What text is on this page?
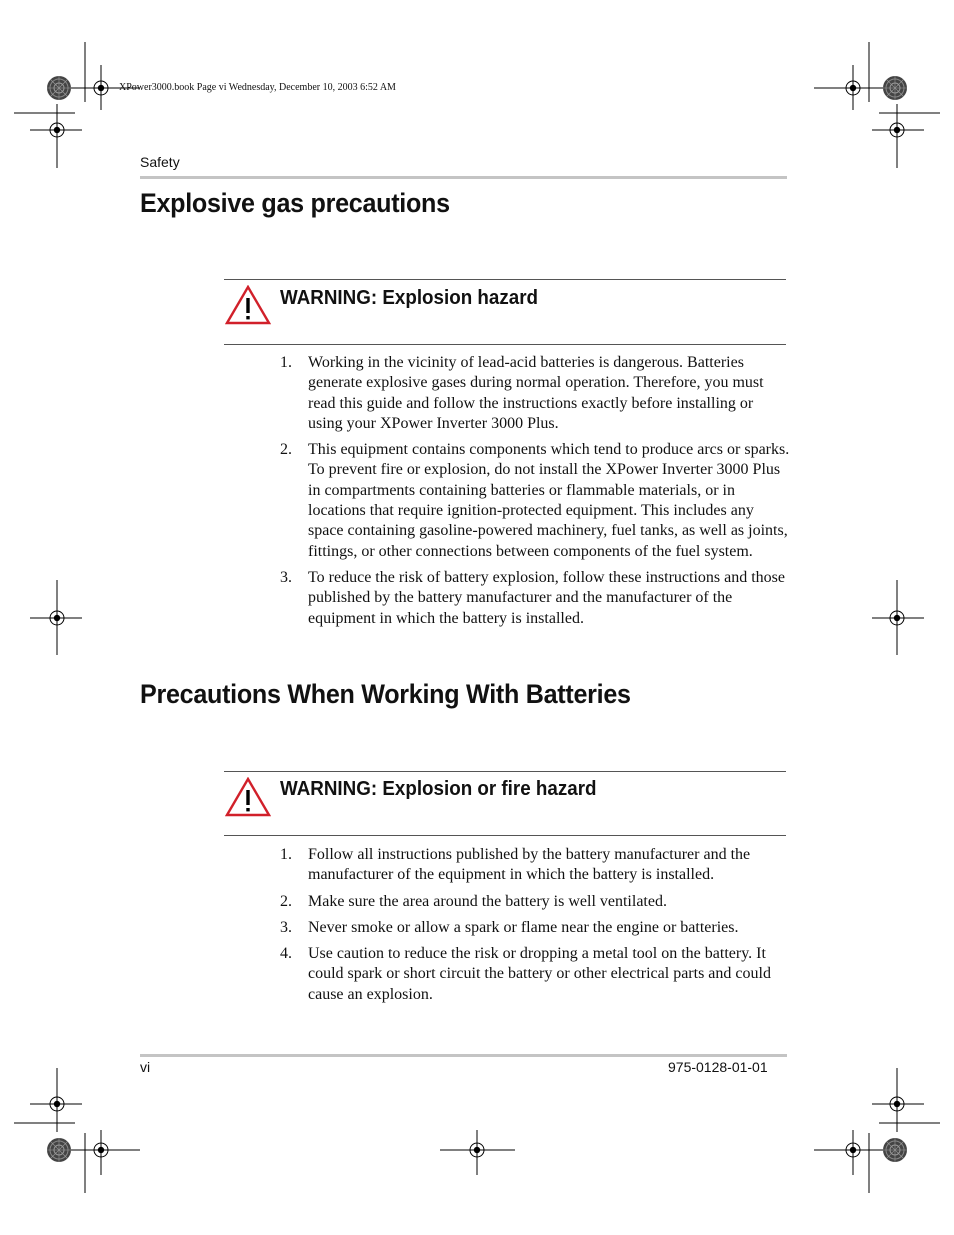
XPower3000.book Page vi Wednesday, December 10, 2003 6:52 AM
Safety
Explosive gas precautions
WARNING: Explosion hazard
1. Working in the vicinity of lead-acid batteries is dangerous. Batteries generate explosive gases during normal operation. Therefore, you must read this guide and follow the instructions exactly before installing or using your XPower Inverter 3000 Plus.
2. This equipment contains components which tend to produce arcs or sparks. To prevent fire or explosion, do not install the XPower Inverter 3000 Plus in compartments containing batteries or flammable materials, or in locations that require ignition-protected equipment. This includes any space containing gasoline-powered machinery, fuel tanks, as well as joints, fittings, or other connections between components of the fuel system.
3. To reduce the risk of battery explosion, follow these instructions and those published by the battery manufacturer and the manufacturer of the equipment in which the battery is installed.
Precautions When Working With Batteries
WARNING: Explosion or fire hazard
1. Follow all instructions published by the battery manufacturer and the manufacturer of the equipment in which the battery is installed.
2. Make sure the area around the battery is well ventilated.
3. Never smoke or allow a spark or flame near the engine or batteries.
4. Use caution to reduce the risk or dropping a metal tool on the battery. It could spark or short circuit the battery or other electrical parts and could cause an explosion.
vi	975-0128-01-01
